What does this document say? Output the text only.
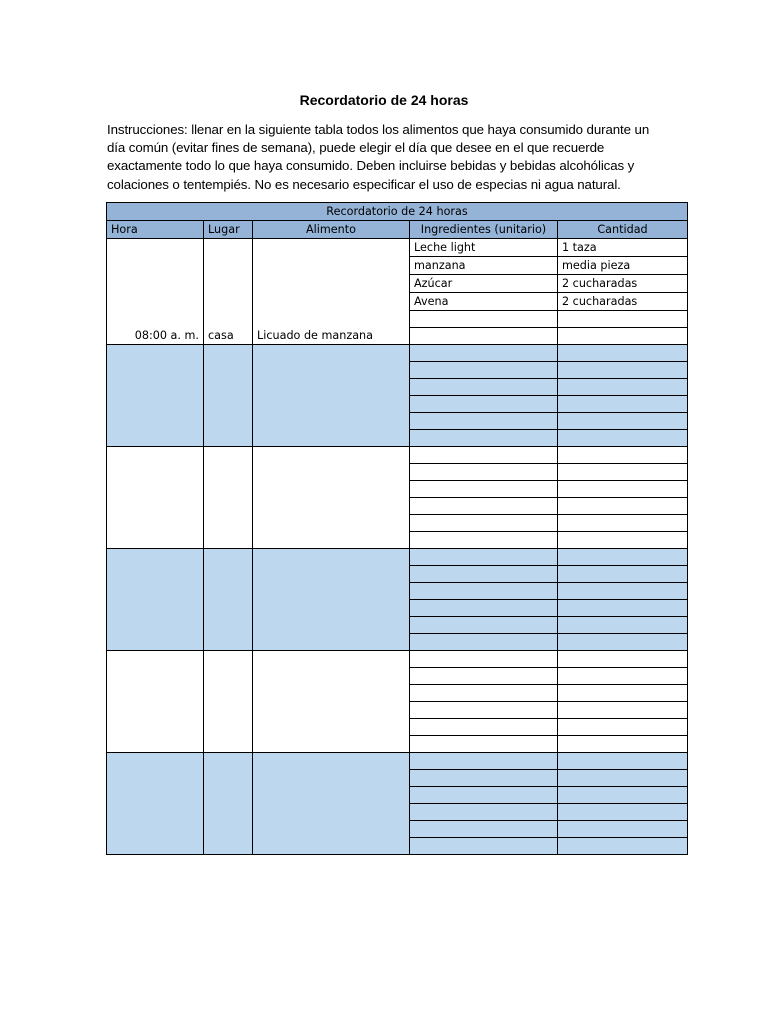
Recordatorio de 24 horas
Instrucciones: llenar en la siguiente tabla todos los alimentos que haya consumido durante un día común (evitar fines de semana), puede elegir el día que desee en el que recuerde exactamente todo lo que haya consumido. Deben incluirse bebidas y bebidas alcohólicas y colaciones o tentempiés. No es necesario especificar el uso de especias ni agua natural.
Recordatorio de 24 horas				
Hora	Lugar	Alimento	Ingredientes (unitario)	Cantidad
08:00 a. m.	casa	Licuado de manzana	Leche light	1 taza
			manzana	media pieza
			Azúcar	2 cucharadas
			Avena	2 cucharadas
